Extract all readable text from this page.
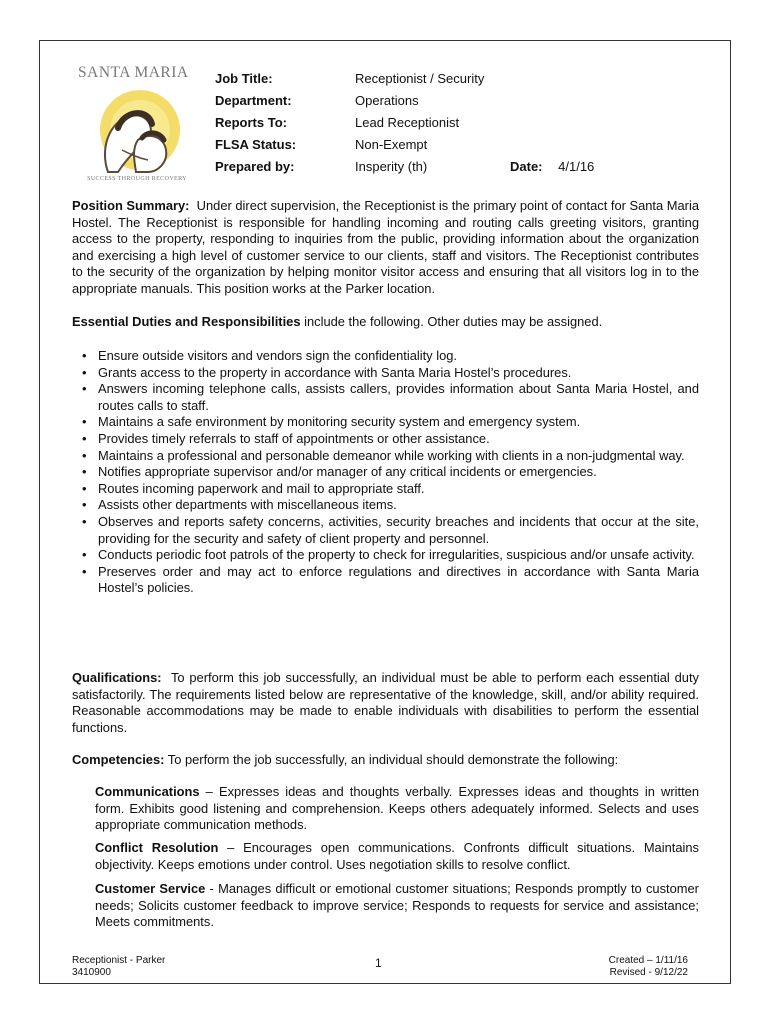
SANTA MARIA
SUCCESS THROUGH RECOVERY
Job Title:
Department:
Reports To:
FLSA Status:
Prepared by:
Receptionist / Security
Operations
Lead Receptionist
Non-Exempt
Insperity (th)	Date: 4/1/16
Position Summary: Under direct supervision, the Receptionist is the primary point of contact for Santa Maria Hostel. The Receptionist is responsible for handling incoming and routing calls greeting visitors, granting access to the property, responding to inquiries from the public, providing information about the organization and exercising a high level of customer service to our clients, staff and visitors. The Receptionist contributes to the security of the organization by helping monitor visitor access and ensuring that all visitors log in to the appropriate manuals. This position works at the Parker location.
Essential Duties and Responsibilities include the following. Other duties may be assigned.
• Ensure outside visitors and vendors sign the confidentiality log.
• Grants access to the property in accordance with Santa Maria Hostel’s procedures.
• Answers incoming telephone calls, assists callers, provides information about Santa Maria Hostel, and routes calls to staff.
• Maintains a safe environment by monitoring security system and emergency system.
• Provides timely referrals to staff of appointments or other assistance.
• Maintains a professional and personable demeanor while working with clients in a non-judgmental way.
• Notifies appropriate supervisor and/or manager of any critical incidents or emergencies.
• Routes incoming paperwork and mail to appropriate staff.
• Assists other departments with miscellaneous items.
• Observes and reports safety concerns, activities, security breaches and incidents that occur at the site, providing for the security and safety of client property and personnel.
• Conducts periodic foot patrols of the property to check for irregularities, suspicious and/or unsafe activity.
• Preserves order and may act to enforce regulations and directives in accordance with Santa Maria Hostel’s policies.
Qualifications: To perform this job successfully, an individual must be able to perform each essential duty satisfactorily. The requirements listed below are representative of the knowledge, skill, and/or ability required. Reasonable accommodations may be made to enable individuals with disabilities to perform the essential functions.
Competencies: To perform the job successfully, an individual should demonstrate the following:
Communications – Expresses ideas and thoughts verbally. Expresses ideas and thoughts in written form. Exhibits good listening and comprehension. Keeps others adequately informed. Selects and uses appropriate communication methods.
Conflict Resolution – Encourages open communications. Confronts difficult situations. Maintains objectivity. Keeps emotions under control. Uses negotiation skills to resolve conflict.
Customer Service - Manages difficult or emotional customer situations; Responds promptly to customer needs; Solicits customer feedback to improve service; Responds to requests for service and assistance; Meets commitments.
Receptionist - Parker
3410900
1	Created – 1/11/16
Revised - 9/12/22
